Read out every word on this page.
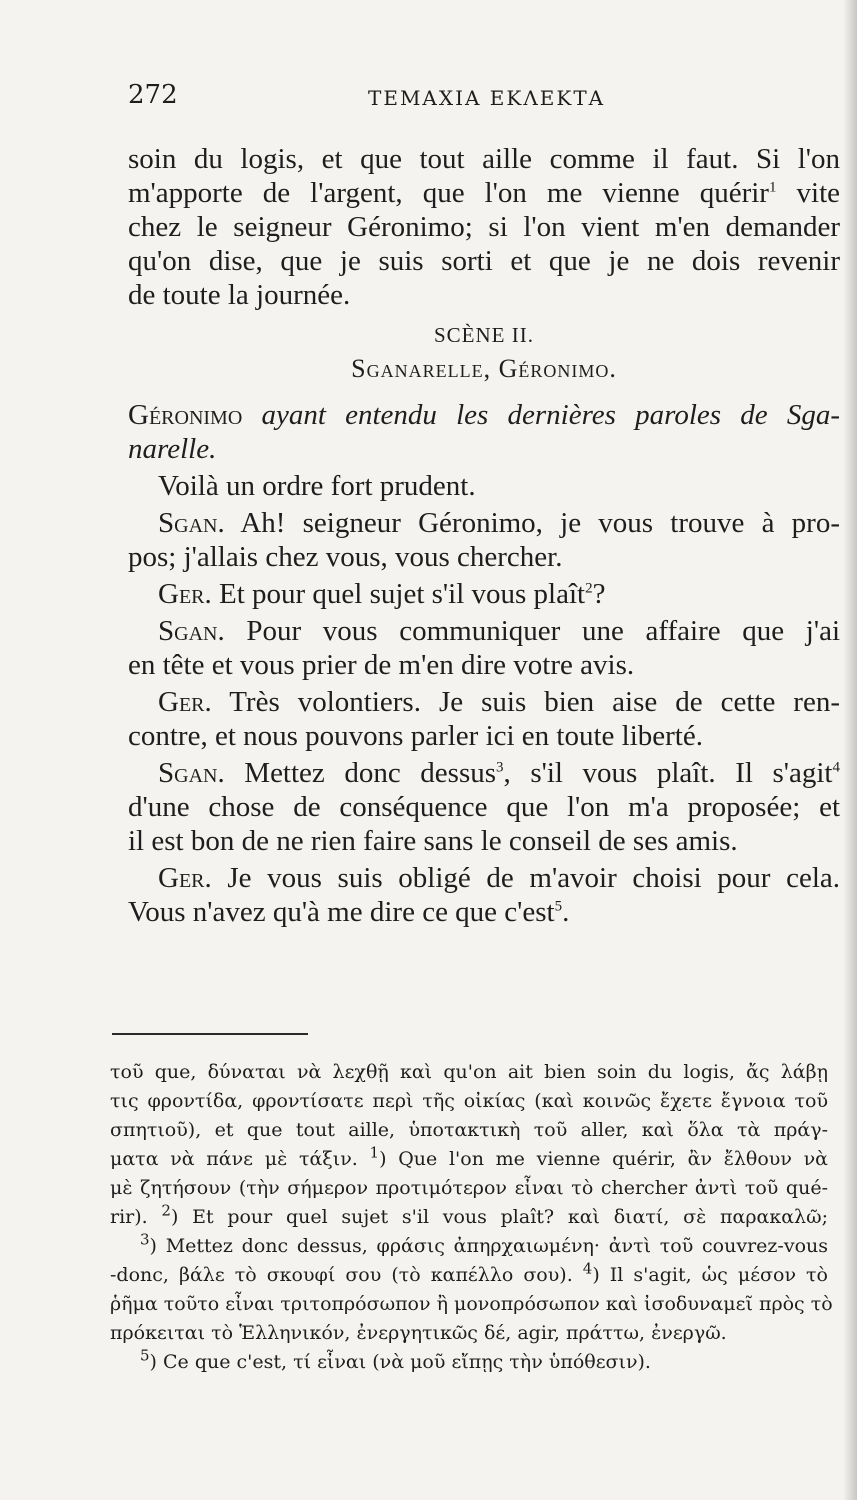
272	ΤΕΜΑΧΙΑ ΕΚΛΕΚΤΑ
soin du logis, et que tout aille comme il faut. Si l'on
m'apporte de l'argent, que l'on me vienne quérir$^1$ vite
chez le seigneur Géronimo; si l'on vient m'en demander
qu'on dise, que je suis sorti et que je ne dois revenir
de toute la journée.
SCÈNE II.
Sganarelle, Géronimo.
Géronimo ayant entendu les dernières paroles de Sga-
narelle.
Voilà un ordre fort prudent.
Sgan. Ah! seigneur Géronimo, je vous trouve à pro-
pos; j'allais chez vous, vous chercher.
Ger. Et pour quel sujet s'il vous plaît$^2$?
Sgan. Pour vous communiquer une affaire que j'ai
en tête et vous prier de m'en dire votre avis.
Ger. Très volontiers. Je suis bien aise de cette ren-
contre, et nous pouvons parler ici en toute liberté.
Sgan. Mettez donc dessus$^3$, s'il vous plaît. Il s'agit$^4$
d'une chose de conséquence que l'on m'a proposée; et
il est bon de ne rien faire sans le conseil de ses amis.
Ger. Je vous suis obligé de m'avoir choisi pour cela.
Vous n'avez qu'à me dire ce que c'est$^5$.
τοῦ que, δύναται νὰ λεχθῇ καὶ qu'on ait bien soin du logis, ἄς λάβῃ
τις φροντίδα, φροντίσατε περὶ τῆς οἰκίας (καὶ κοινῶς ἔχετε ἔγνοια τοῦ
σπητιοῦ), et que tout aille, ὑποτακτικὴ τοῦ aller, καὶ ὅλα τὰ πράγ-
ματα νὰ πάνε μὲ τάξιν. $^1$) Que l'on me vienne quérir, ἂν ἔλθουν νὰ
μὲ ζητήσουν (τὴν σήμερον προτιμότερον εἶναι τὸ chercher ἀντὶ τοῦ qué-
rir). $^2$) Et pour quel sujet s'il vous plaît? καὶ διατί, σὲ παρακαλῶ;
$^3$) Mettez donc dessus, φράσις ἀπηρχαιωμένη· ἀντὶ τοῦ couvrez-vous
-donc, βάλε τὸ σκουφί σου (τὸ καπέλλο σου). $^4$) Il s'agit, ὡς μέσον τὸ
ῥῆμα τοῦτο εἶναι τριτοπρόσωπον ἢ μονοπρόσωπον καὶ ἰσοδυναμεῖ πρὸς τὸ
πρόκειται τὸ Ἑλληνικόν, ἐνεργητικῶς δέ, agir, πράττω, ἐνεργῶ.
$^5$) Ce que c'est, τί εἶναι (νὰ μοῦ εἴπῃς τὴν ὑπόθεσιν).
